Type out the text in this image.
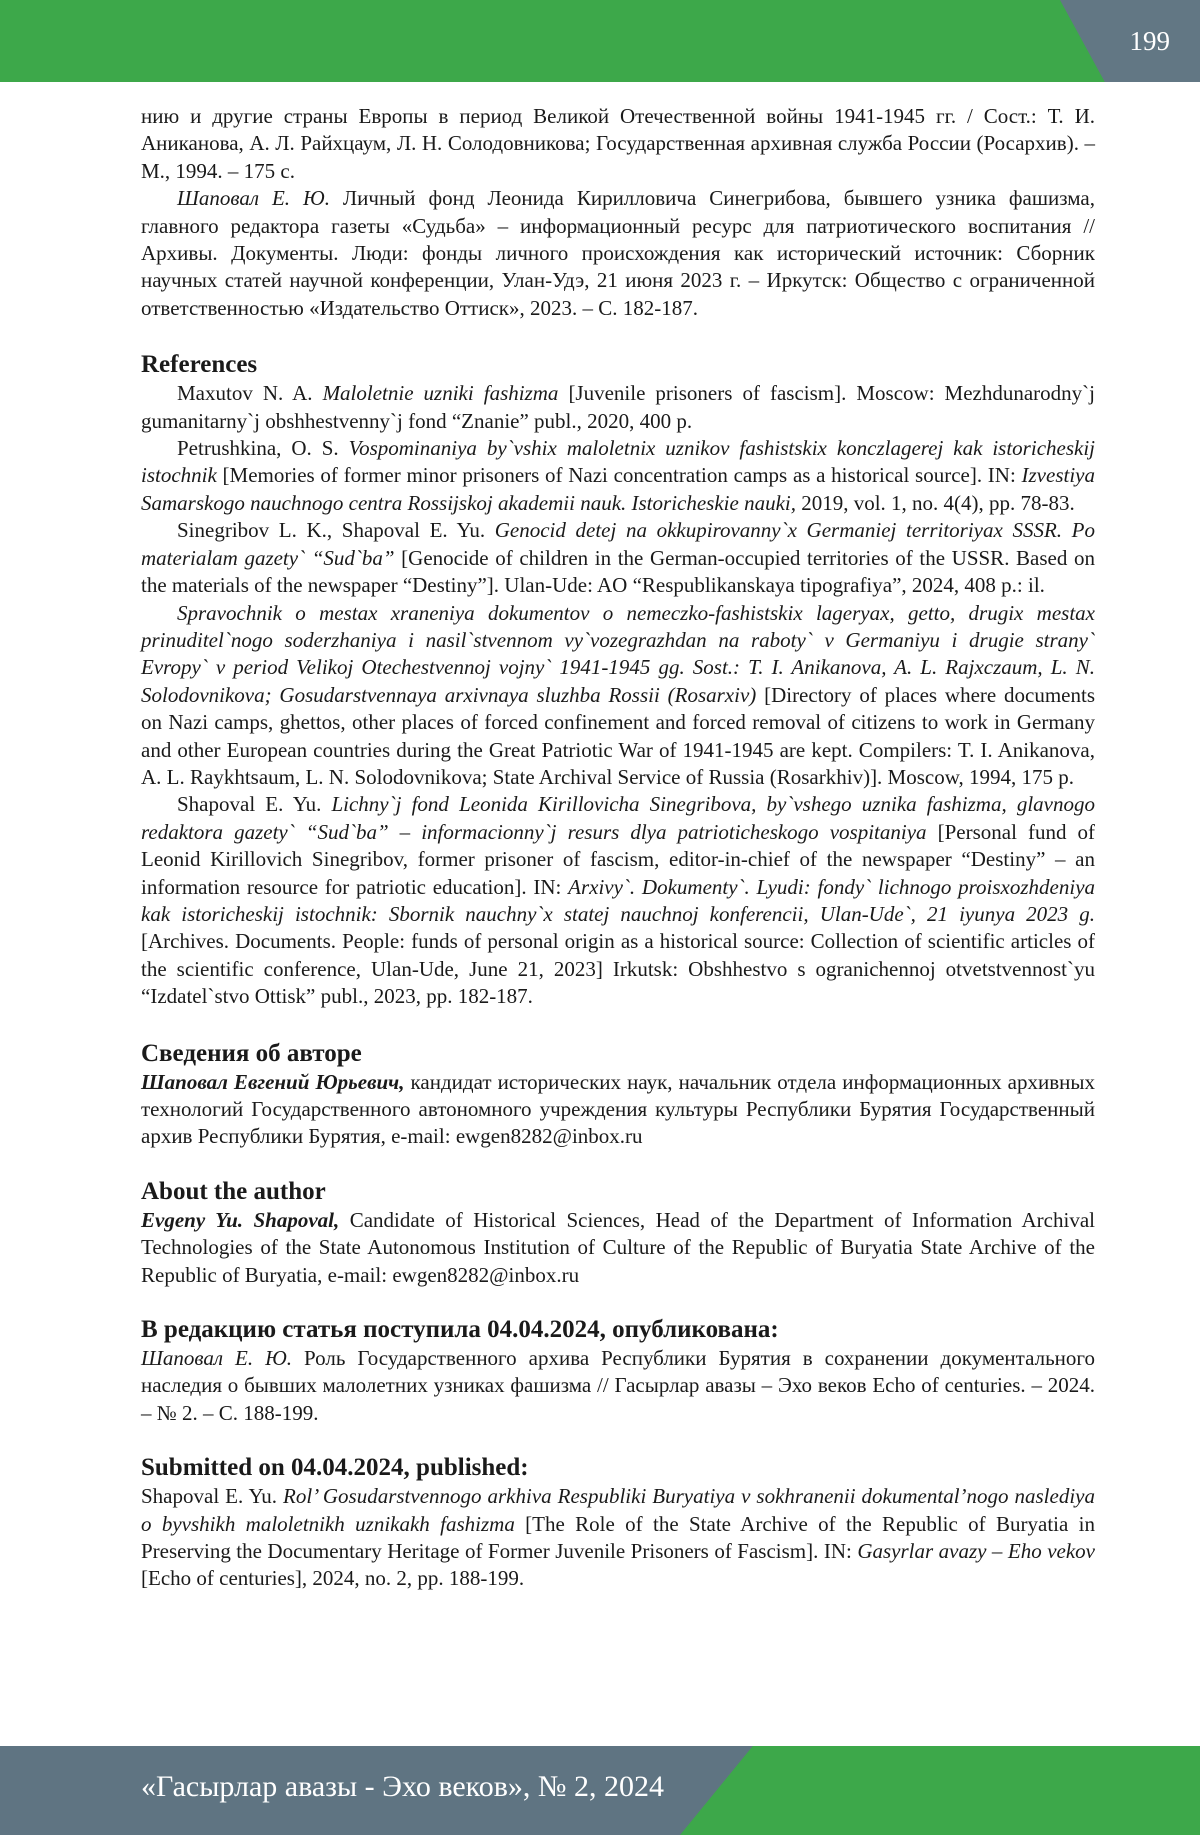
199

нию и другие страны Европы в период Великой Отечественной войны 1941-1945 гг. / Сост.: Т. И. Аниканова, А. Л. Райхцаум, Л. Н. Солодовникова; Государственная архивная служба России (Росархив). – М., 1994. – 175 с.

Шаповал Е. Ю. Личный фонд Леонида Кирилловича Синегрибова, бывшего узника фашизма, главного редактора газеты «Судьба» – информационный ресурс для патриотического воспитания // Архивы. Документы. Люди: фонды личного происхождения как исторический источник: Сборник научных статей научной конференции, Улан-Удэ, 21 июня 2023 г. – Иркутск: Общество с ограниченной ответственностью «Издательство Оттиск», 2023. – С. 182-187.

References

Maxutov N. A. Maloletnie uzniki fashizma [Juvenile prisoners of fascism]. Moscow: Mezhdunarodny`j gumanitarny`j obshhestvenny`j fond “Znanie” publ., 2020, 400 p.

Petrushkina, O. S. Vospominaniya by`vshix maloletnix uznikov fashistskix konczlagerej kak istoricheskij istochnik [Memories of former minor prisoners of Nazi concentration camps as a historical source]. IN: Izvestiya Samarskogo nauchnogo centra Rossijskoj akademii nauk. Istoricheskie nauki, 2019, vol. 1, no. 4(4), pp. 78-83.

Sinegribov L. K., Shapoval E. Yu. Genocid detej na okkupirovanny`x Germaniej territoriyax SSSR. Po materialam gazety` “Sud`ba” [Genocide of children in the German-occupied territories of the USSR. Based on the materials of the newspaper “Destiny”]. Ulan-Ude: AO “Respublikanskaya tipografiya”, 2024, 408 p.: il.

Spravochnik o mestax xraneniya dokumentov o nemeczko-fashistskix lageryax, getto, drugix mestax prinuditel`nogo soderzhaniya i nasil`stvennom vy`vozegrazhdan na raboty` v Germaniyu i drugie strany` Evropy` v period Velikoj Otechestvennoj vojny` 1941-1945 gg. Sost.: T. I. Anikanova, A. L. Rajxczaum, L. N. Solodovnikova; Gosudarstvennaya arxivnaya sluzhba Rossii (Rosarxiv) [Directory of places where documents on Nazi camps, ghettos, other places of forced confinement and forced removal of citizens to work in Germany and other European countries during the Great Patriotic War of 1941-1945 are kept. Compilers: T. I. Anikanova, A. L. Raykhtsaum, L. N. Solodovnikova; State Archival Service of Russia (Rosarkhiv)]. Moscow, 1994, 175 p.

Shapoval E. Yu. Lichny`j fond Leonida Kirillovicha Sinegribova, by`vshego uznika fashizma, glavnogo redaktora gazety` “Sud`ba” – informacionny`j resurs dlya patrioticheskogo vospitaniya [Personal fund of Leonid Kirillovich Sinegribov, former prisoner of fascism, editor-in-chief of the newspaper “Destiny” – an information resource for patriotic education]. IN: Arxivy`. Dokumenty`. Lyudi: fondy` lichnogo proisxozhdeniya kak istoricheskij istochnik: Sbornik nauchny`x statej nauchnoj konferencii, Ulan-Ude`, 21 iyunya 2023 g. [Archives. Documents. People: funds of personal origin as a historical source: Collection of scientific articles of the scientific conference, Ulan-Ude, June 21, 2023] Irkutsk: Obshhestvo s ogranichennoj otvetstvennost`yu “Izdatel`stvo Ottisk” publ., 2023, pp. 182-187.

Сведения об авторе

Шаповал Евгений Юрьевич, кандидат исторических наук, начальник отдела информационных архивных технологий Государственного автономного учреждения культуры Республики Бурятия Государственный архив Республики Бурятия, e-mail: ewgen8282@inbox.ru

About the author

Evgeny Yu. Shapoval, Candidate of Historical Sciences, Head of the Department of Information Archival Technologies of the State Autonomous Institution of Culture of the Republic of Buryatia State Archive of the Republic of Buryatia, e-mail: ewgen8282@inbox.ru

В редакцию статья поступила 04.04.2024, опубликована:

Шаповал Е. Ю. Роль Государственного архива Республики Бурятия в сохранении документального наследия о бывших малолетних узниках фашизма // Гасырлар авазы – Эхо веков Echo of centuries. – 2024. – № 2. – С. 188-199.

Submitted on 04.04.2024, published:

Shapoval E. Yu. Rol’ Gosudarstvennogo arkhiva Respubliki Buryatiya v sokhranenii dokumental’nogo naslediya o byvshikh maloletnikh uznikakh fashizma [The Role of the State Archive of the Republic of Buryatia in Preserving the Documentary Heritage of Former Juvenile Prisoners of Fascism]. IN: Gasyrlar avazy – Eho vekov [Echo of centuries], 2024, no. 2, pp. 188-199.

«Гасырлар авазы - Эхо веков», № 2, 2024
